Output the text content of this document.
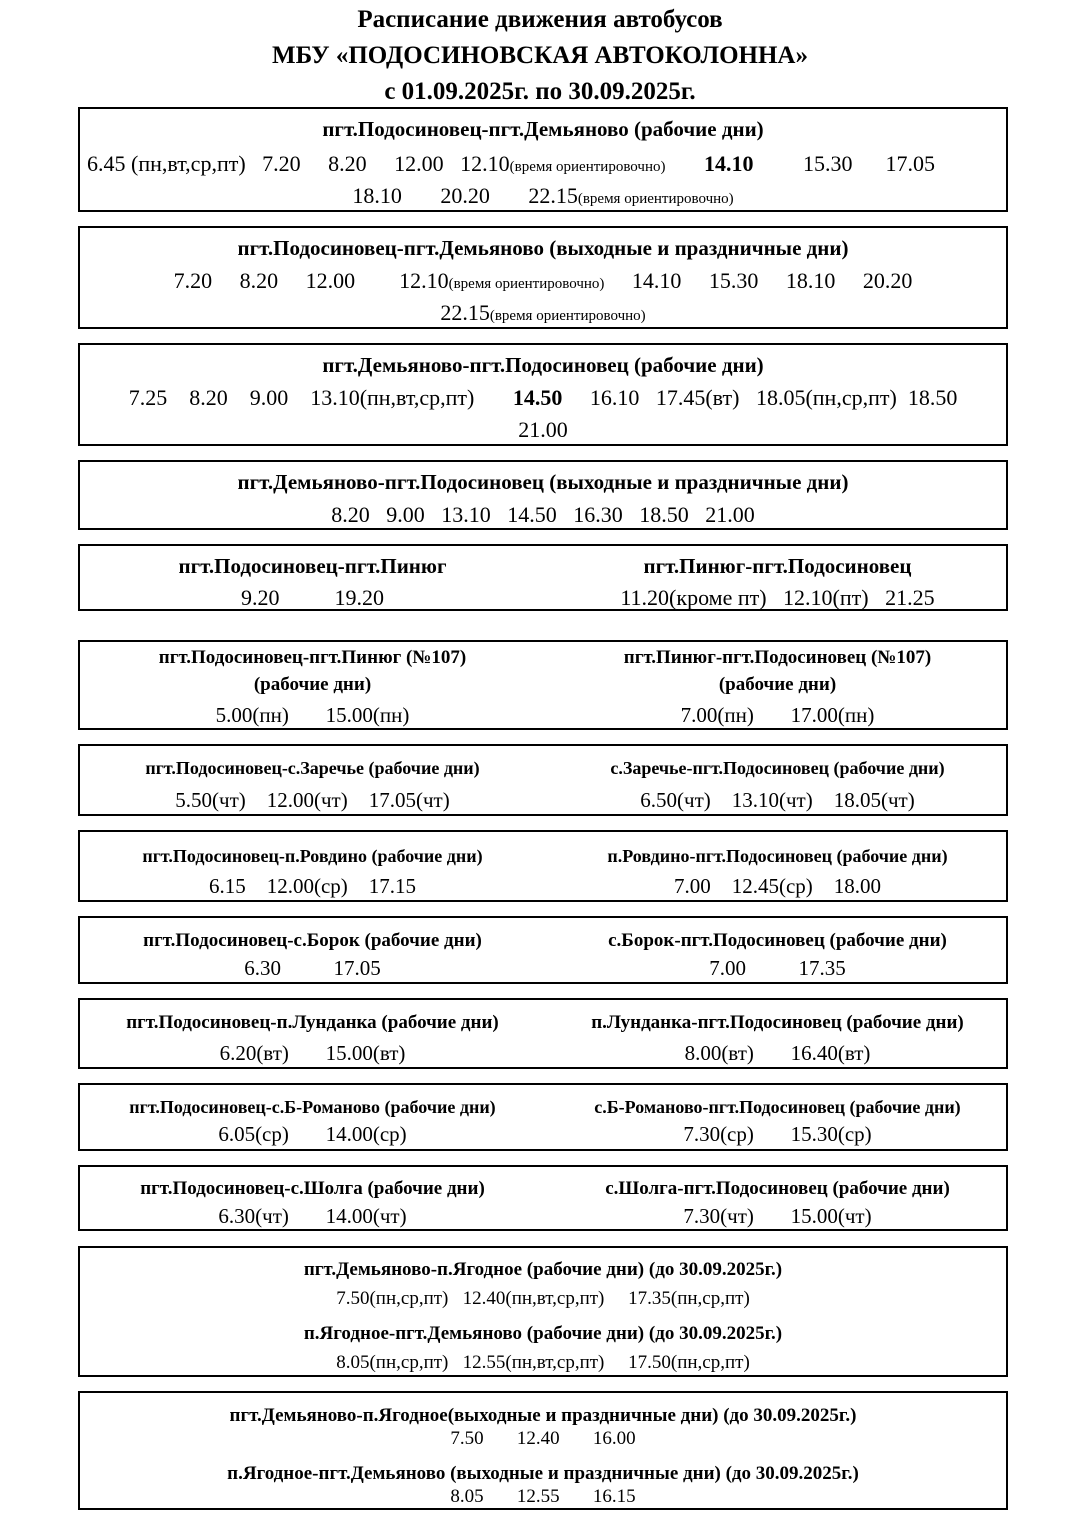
Расписание движения автобусов
МБУ «ПОДОСИНОВСКАЯ АВТОКОЛОННА»
с 01.09.2025г. по 30.09.2025г.
пгт.Подосиновец-пгт.Демьяново (рабочие дни)
6.45 (пн,вт,ср,пт) 7.20 8.20 12.00 12.10(время ориентировочно) 14.10 15.30 17.05
18.10 20.20 22.15(время ориентировочно)
пгт.Подосиновец-пгт.Демьяново (выходные и праздничные дни)
7.20 8.20 12.00 12.10(время ориентировочно) 14.10 15.30 18.10 20.20
22.15(время ориентировочно)
пгт.Демьяново-пгт.Подосиновец (рабочие дни)
7.25 8.20 9.00 13.10(пн,вт,ср,пт) 14.50 16.10 17.45(вт) 18.05(пн,ср,пт) 18.50
21.00
пгт.Демьяново-пгт.Подосиновец (выходные и праздничные дни)
8.20   9.00   13.10   14.50   16.30   18.50   21.00
пгт.Подосиновец-пгт.Пинюг	пгт.Пинюг-пгт.Подосиновец
9.20          19.20	11.20(кроме пт)   12.10(пт)   21.25
пгт.Подосиновец-пгт.Пинюг (№107)	пгт.Пинюг-пгт.Подосиновец (№107)
(рабочие дни)	(рабочие дни)
5.00(пн)       15.00(пн)	7.00(пн)       17.00(пн)
пгт.Подосиновец-с.Заречье (рабочие дни)	с.Заречье-пгт.Подосиновец (рабочие дни)
5.50(чт)    12.00(чт)    17.05(чт)	6.50(чт)    13.10(чт)    18.05(чт)
пгт.Подосиновец-п.Ровдино (рабочие дни)	п.Ровдино-пгт.Подосиновец (рабочие дни)
6.15    12.00(ср)    17.15	7.00    12.45(ср)    18.00
пгт.Подосиновец-с.Борок (рабочие дни)	с.Борок-пгт.Подосиновец (рабочие дни)
6.30          17.05	7.00          17.35
пгт.Подосиновец-п.Лунданка (рабочие дни)	п.Лунданка-пгт.Подосиновец (рабочие дни)
6.20(вт)       15.00(вт)	8.00(вт)       16.40(вт)
пгт.Подосиновец-с.Б-Романово (рабочие дни)	с.Б-Романово-пгт.Подосиновец (рабочие дни)
6.05(ср)       14.00(ср)	7.30(ср)       15.30(ср)
пгт.Подосиновец-с.Шолга (рабочие дни)	с.Шолга-пгт.Подосиновец (рабочие дни)
6.30(чт)       14.00(чт)	7.30(чт)       15.00(чт)
пгт.Демьяново-п.Ягодное (рабочие дни) (до 30.09.2025г.)
7.50(пн,ср,пт)   12.40(пн,вт,ср,пт)     17.35(пн,ср,пт)
п.Ягодное-пгт.Демьяново (рабочие дни) (до 30.09.2025г.)
8.05(пн,ср,пт)   12.55(пн,вт,ср,пт)     17.50(пн,ср,пт)
пгт.Демьяново-п.Ягодное(выходные и праздничные дни) (до 30.09.2025г.)
7.50       12.40       16.00
п.Ягодное-пгт.Демьяново (выходные и праздничные дни) (до 30.09.2025г.)
8.05       12.55       16.15
